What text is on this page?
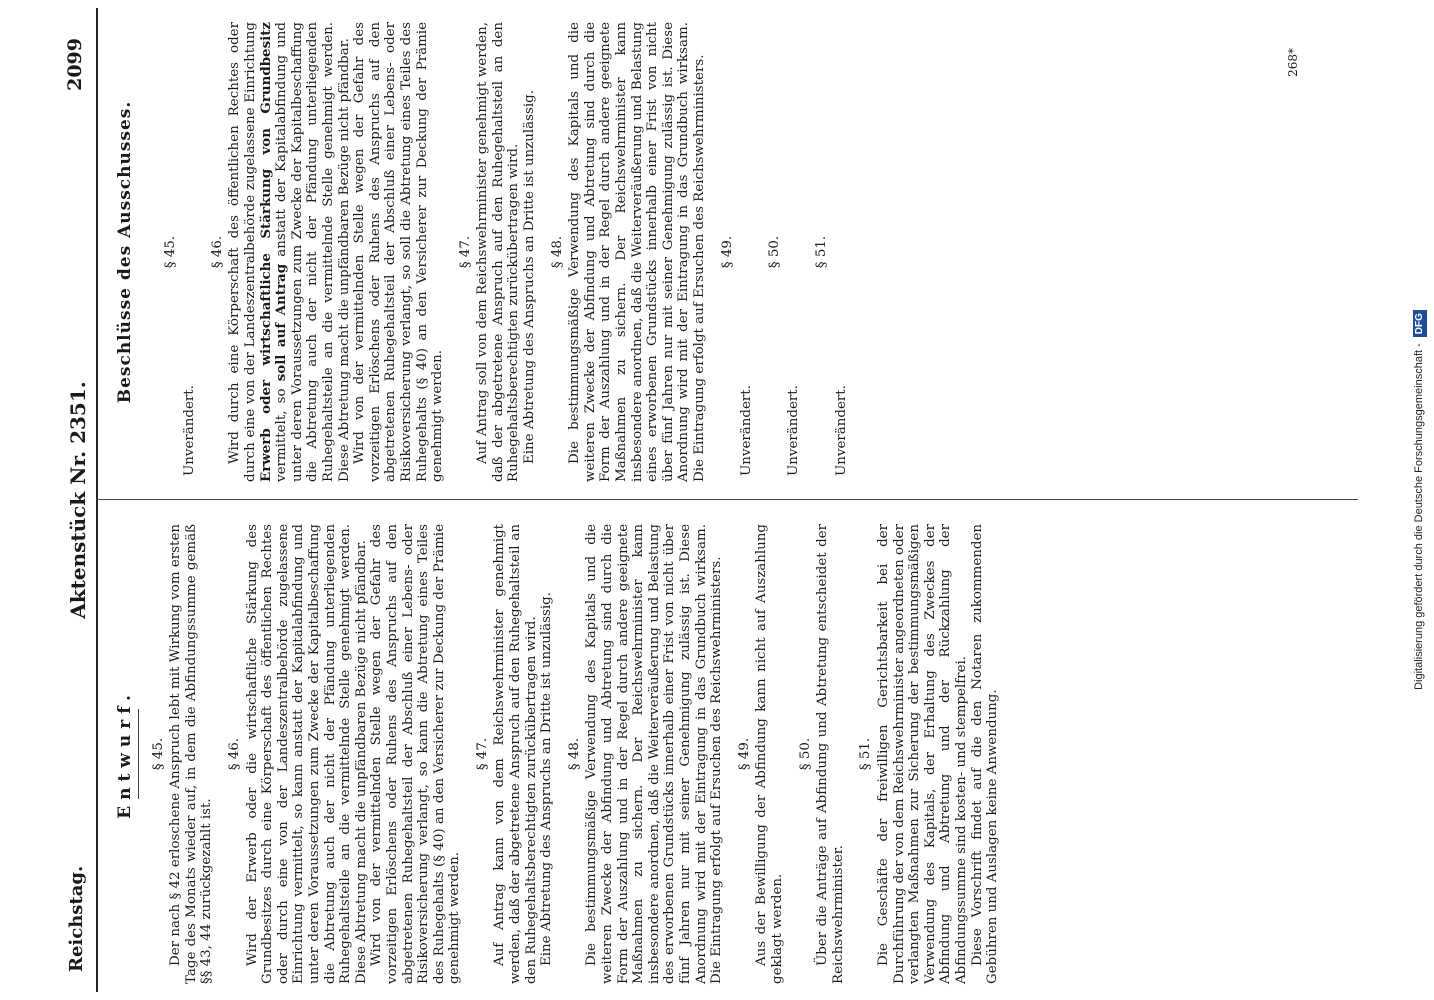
Reichstag.
Aktenstück Nr. 2351.
2099
Entwurf. § 45. Der nach § 42 erloschene Anspruch lebt mit Wirkung vom ersten Tage des Monats wieder auf, in dem die Abfindungssumme gemäß §§ 43, 44 zurückgezahlt ist.

§ 46. Wird der Erwerb oder die wirtschaftliche Stärkung des Grundbesitzes durch eine Körperschaft des öffentlichen Rechtes oder durch eine von der Landeszentralbehörde zugelassene Einrichtung vermittelt, so kann anstatt der Kapitalabfindung und unter deren Voraussetzungen zum Zwecke der Kapitalbeschaffung die Abtretung auch der nicht der Pfändung unterliegenden Ruhegehaltsteile an die vermittelnde Stelle genehmigt werden. Diese Abtretung macht die unpfändbaren Bezüge nicht pfändbar. Wird von der vermittelnden Stelle wegen der Gefahr des vorzeitigen Erlöschens oder Ruhens des Anspruchs auf den abgetretenen Ruhegehaltsteil der Abschluß einer Lebens- oder Risikoversicherung verlangt, so kann die Abtretung eines Teiles des Ruhegehalts (§ 40) an den Versicherer zur Deckung der Prämie genehmigt werden.

§ 47. Auf Antrag kann von dem Reichswehrminister genehmigt werden, daß der abgetretene Anspruch auf den Ruhegehaltsteil an den Ruhegehaltsberechtigten zurückübertragen wird. Eine Abtretung des Anspruchs an Dritte ist unzulässig. § 48. Die bestimmungsmäßige Verwendung des Kapitals und die weiteren Zwecke der Abfindung und Abtretung sind durch die Form der Auszahlung und in der Regel durch andere geeignete Maßnahmen zu sichern. Der Reichswehrminister kann insbesondere anordnen, daß die Weiterveräußerung und Belastung des erworbenen Grundstücks innerhalb einer Frist von nicht über fünf Jahren nur mit seiner Genehmigung zulässig ist. Diese Anordnung wird mit der Eintragung in das Grundbuch wirksam. Die Eintragung erfolgt auf Ersuchen des Reichswehrministers. § 49. Aus der Bewilligung der Abfindung kann nicht auf Auszahlung geklagt werden.

§ 50. Über die Anträge auf Abfindung und Abtretung entscheidet der Reichswehrminister.

§ 51. Die Geschäfte der freiwilligen Gerichtsbarkeit bei der Durchführung der von dem Reichswehrminister angeordneten oder verlangten Maßnahmen zur Sicherung der bestimmungsmäßigen Verwendung des Kapitals, der Erhaltung des Zweckes der Abfindung und Abtretung und der Rückzahlung der Abfindungssumme sind kosten- und stempelfrei. Diese Vorschrift findet auf die den Notaren zukommenden Gebühren und Auslagen keine Anwendung.

Beschlüsse des Ausschusses. § 45.

Unverändert.

§ 46. Wird durch eine Körperschaft des öffentlichen Rechtes oder durch eine von der Landeszentralbehörde zugelassene Einrichtung Erwerb oder wirtschaftliche Stärkung von Grundbesitz vermittelt, so soll auf Antrag anstatt der Kapitalabfindung und unter deren Voraussetzungen zum Zwecke der Kapitalbeschaffung die Abtretung auch der nicht der Pfändung unterliegenden Ruhegehaltsteile an die vermittelnde Stelle genehmigt werden. Diese Abtretung macht die unpfändbaren Bezüge nicht pfändbar. Wird von der vermittelnden Stelle wegen der Gefahr des vorzeitigen Erlöschens oder Ruhens des Anspruchs auf den abgetretenen Ruhegehaltsteil der Abschluß einer Lebens- oder Risikoversicherung verlangt, so soll die Abtretung eines Teiles des Ruhegehalts (§ 40) an den Versicherer zur Deckung der Prämie genehmigt werden.

§ 47. Auf Antrag soll von dem Reichswehrminister genehmigt werden, daß der abgetretene Anspruch auf den Ruhegehaltsteil an den Ruhegehaltsberechtigten zurückübertragen wird. Eine Abtretung des Anspruchs an Dritte ist unzulässig. § 48. Die bestimmungsmäßige Verwendung des Kapitals und die weiteren Zwecke der Abfindung und Abtretung sind durch die Form der Auszahlung und in der Regel durch andere geeignete Maßnahmen zu sichern. Der Reichswehrminister kann insbesondere anordnen, daß die Weiterveräußerung und Belastung eines erworbenen Grundstücks innerhalb einer Frist von nicht über fünf Jahren nur mit seiner Genehmigung zulässig ist. Diese Anordnung wird mit der Eintragung in das Grundbuch wirksam. Die Eintragung erfolgt auf Ersuchen des Reichswehrministers. § 49.

Unverändert.

§ 50.

Unverändert.

§ 51.

Unverändert.

268*
Digitalisierung gefördert durch die Deutsche Forschungsgemeinschaft -DFG
